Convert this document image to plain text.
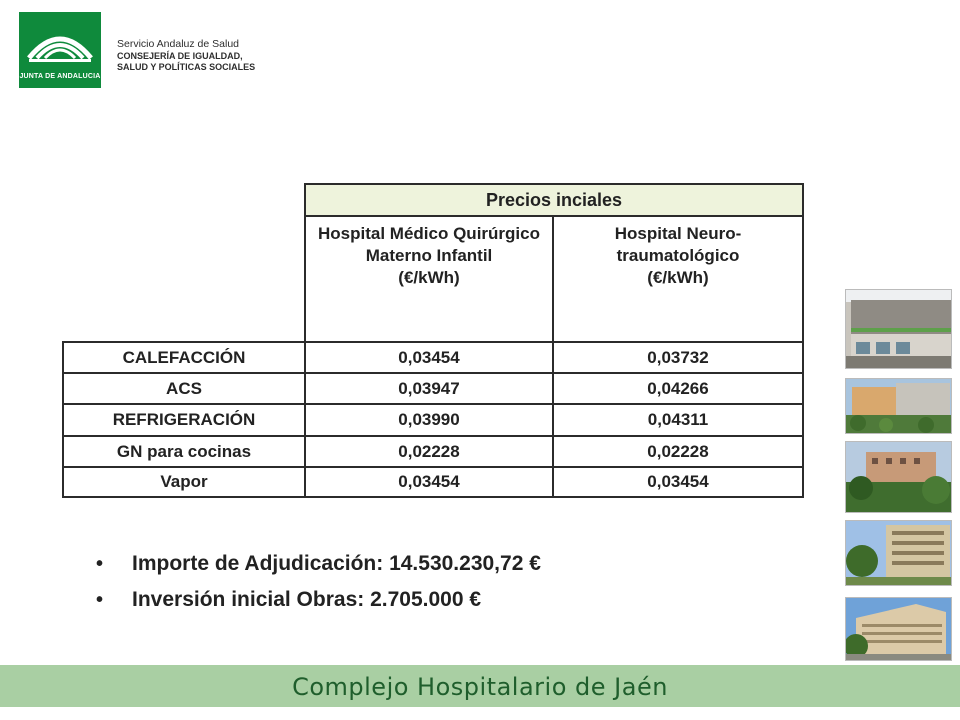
JUNTA DE ANDALUCIA
Servicio Andaluz de Salud
CONSEJERÍA DE IGUALDAD,
SALUD Y POLÍTICAS SOCIALES
Precios inciales
Hospital Médico Quirúrgico
Materno Infantil
(€/kWh)
Hospital Neuro-
traumatológico
(€/kWh)
CALEFACCIÓN	0,03454	0,03732
ACS	0,03947	0,04266
REFRIGERACIÓN	0,03990	0,04311
GN para cocinas	0,02228	0,02228
Vapor	0,03454	0,03454
•	Importe de Adjudicación: 14.530.230,72 €
•	Inversión inicial Obras: 2.705.000 €
Complejo Hospitalario de Jaén
